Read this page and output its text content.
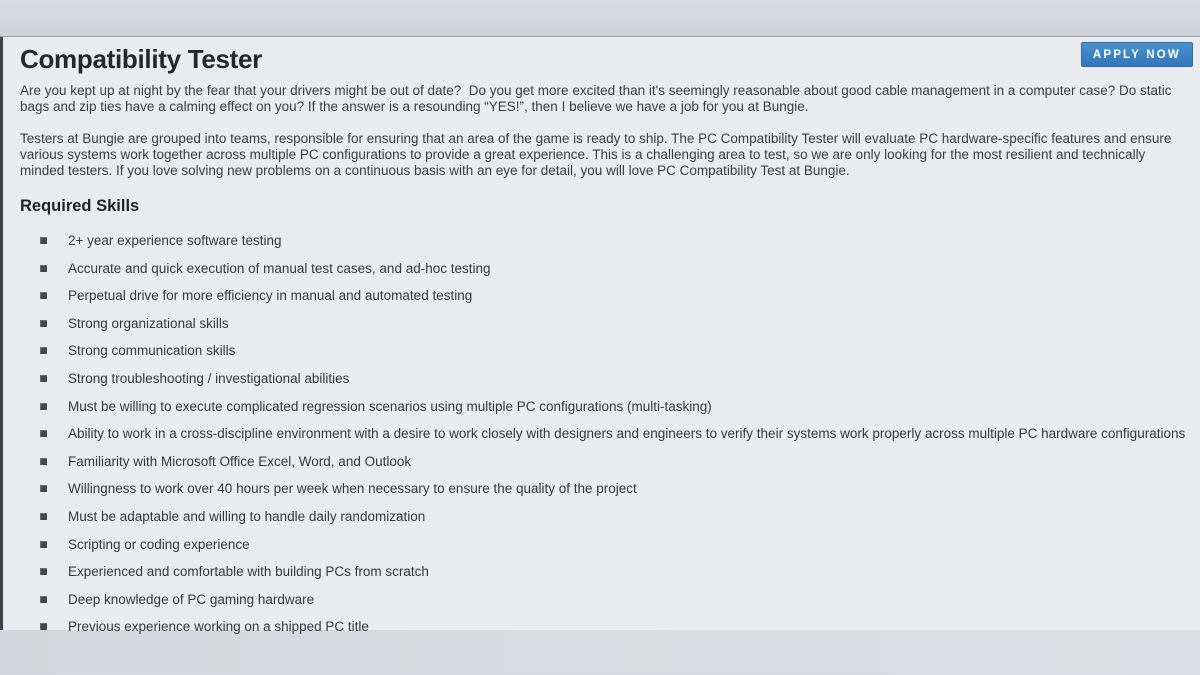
Compatibility Tester	APPLY NOW

Are you kept up at night by the fear that your drivers might be out of date?  Do you get more excited than it's seemingly reasonable about good cable management in a computer case? Do static bags and zip ties have a calming effect on you? If the answer is a resounding “YES!”, then I believe we have a job for you at Bungie.

Testers at Bungie are grouped into teams, responsible for ensuring that an area of the game is ready to ship. The PC Compatibility Tester will evaluate PC hardware-specific features and ensure various systems work together across multiple PC configurations to provide a great experience. This is a challenging area to test, so we are only looking for the most resilient and technically minded testers. If you love solving new problems on a continuous basis with an eye for detail, you will love PC Compatibility Test at Bungie.

Required Skills
2+ year experience software testing
Accurate and quick execution of manual test cases, and ad-hoc testing
Perpetual drive for more efficiency in manual and automated testing
Strong organizational skills
Strong communication skills
Strong troubleshooting / investigational abilities
Must be willing to execute complicated regression scenarios using multiple PC configurations (multi-tasking)
Ability to work in a cross-discipline environment with a desire to work closely with designers and engineers to verify their systems work properly across multiple PC hardware configurations
Familiarity with Microsoft Office Excel, Word, and Outlook
Willingness to work over 40 hours per week when necessary to ensure the quality of the project
Must be adaptable and willing to handle daily randomization
Scripting or coding experience
Experienced and comfortable with building PCs from scratch
Deep knowledge of PC gaming hardware
Previous experience working on a shipped PC title
